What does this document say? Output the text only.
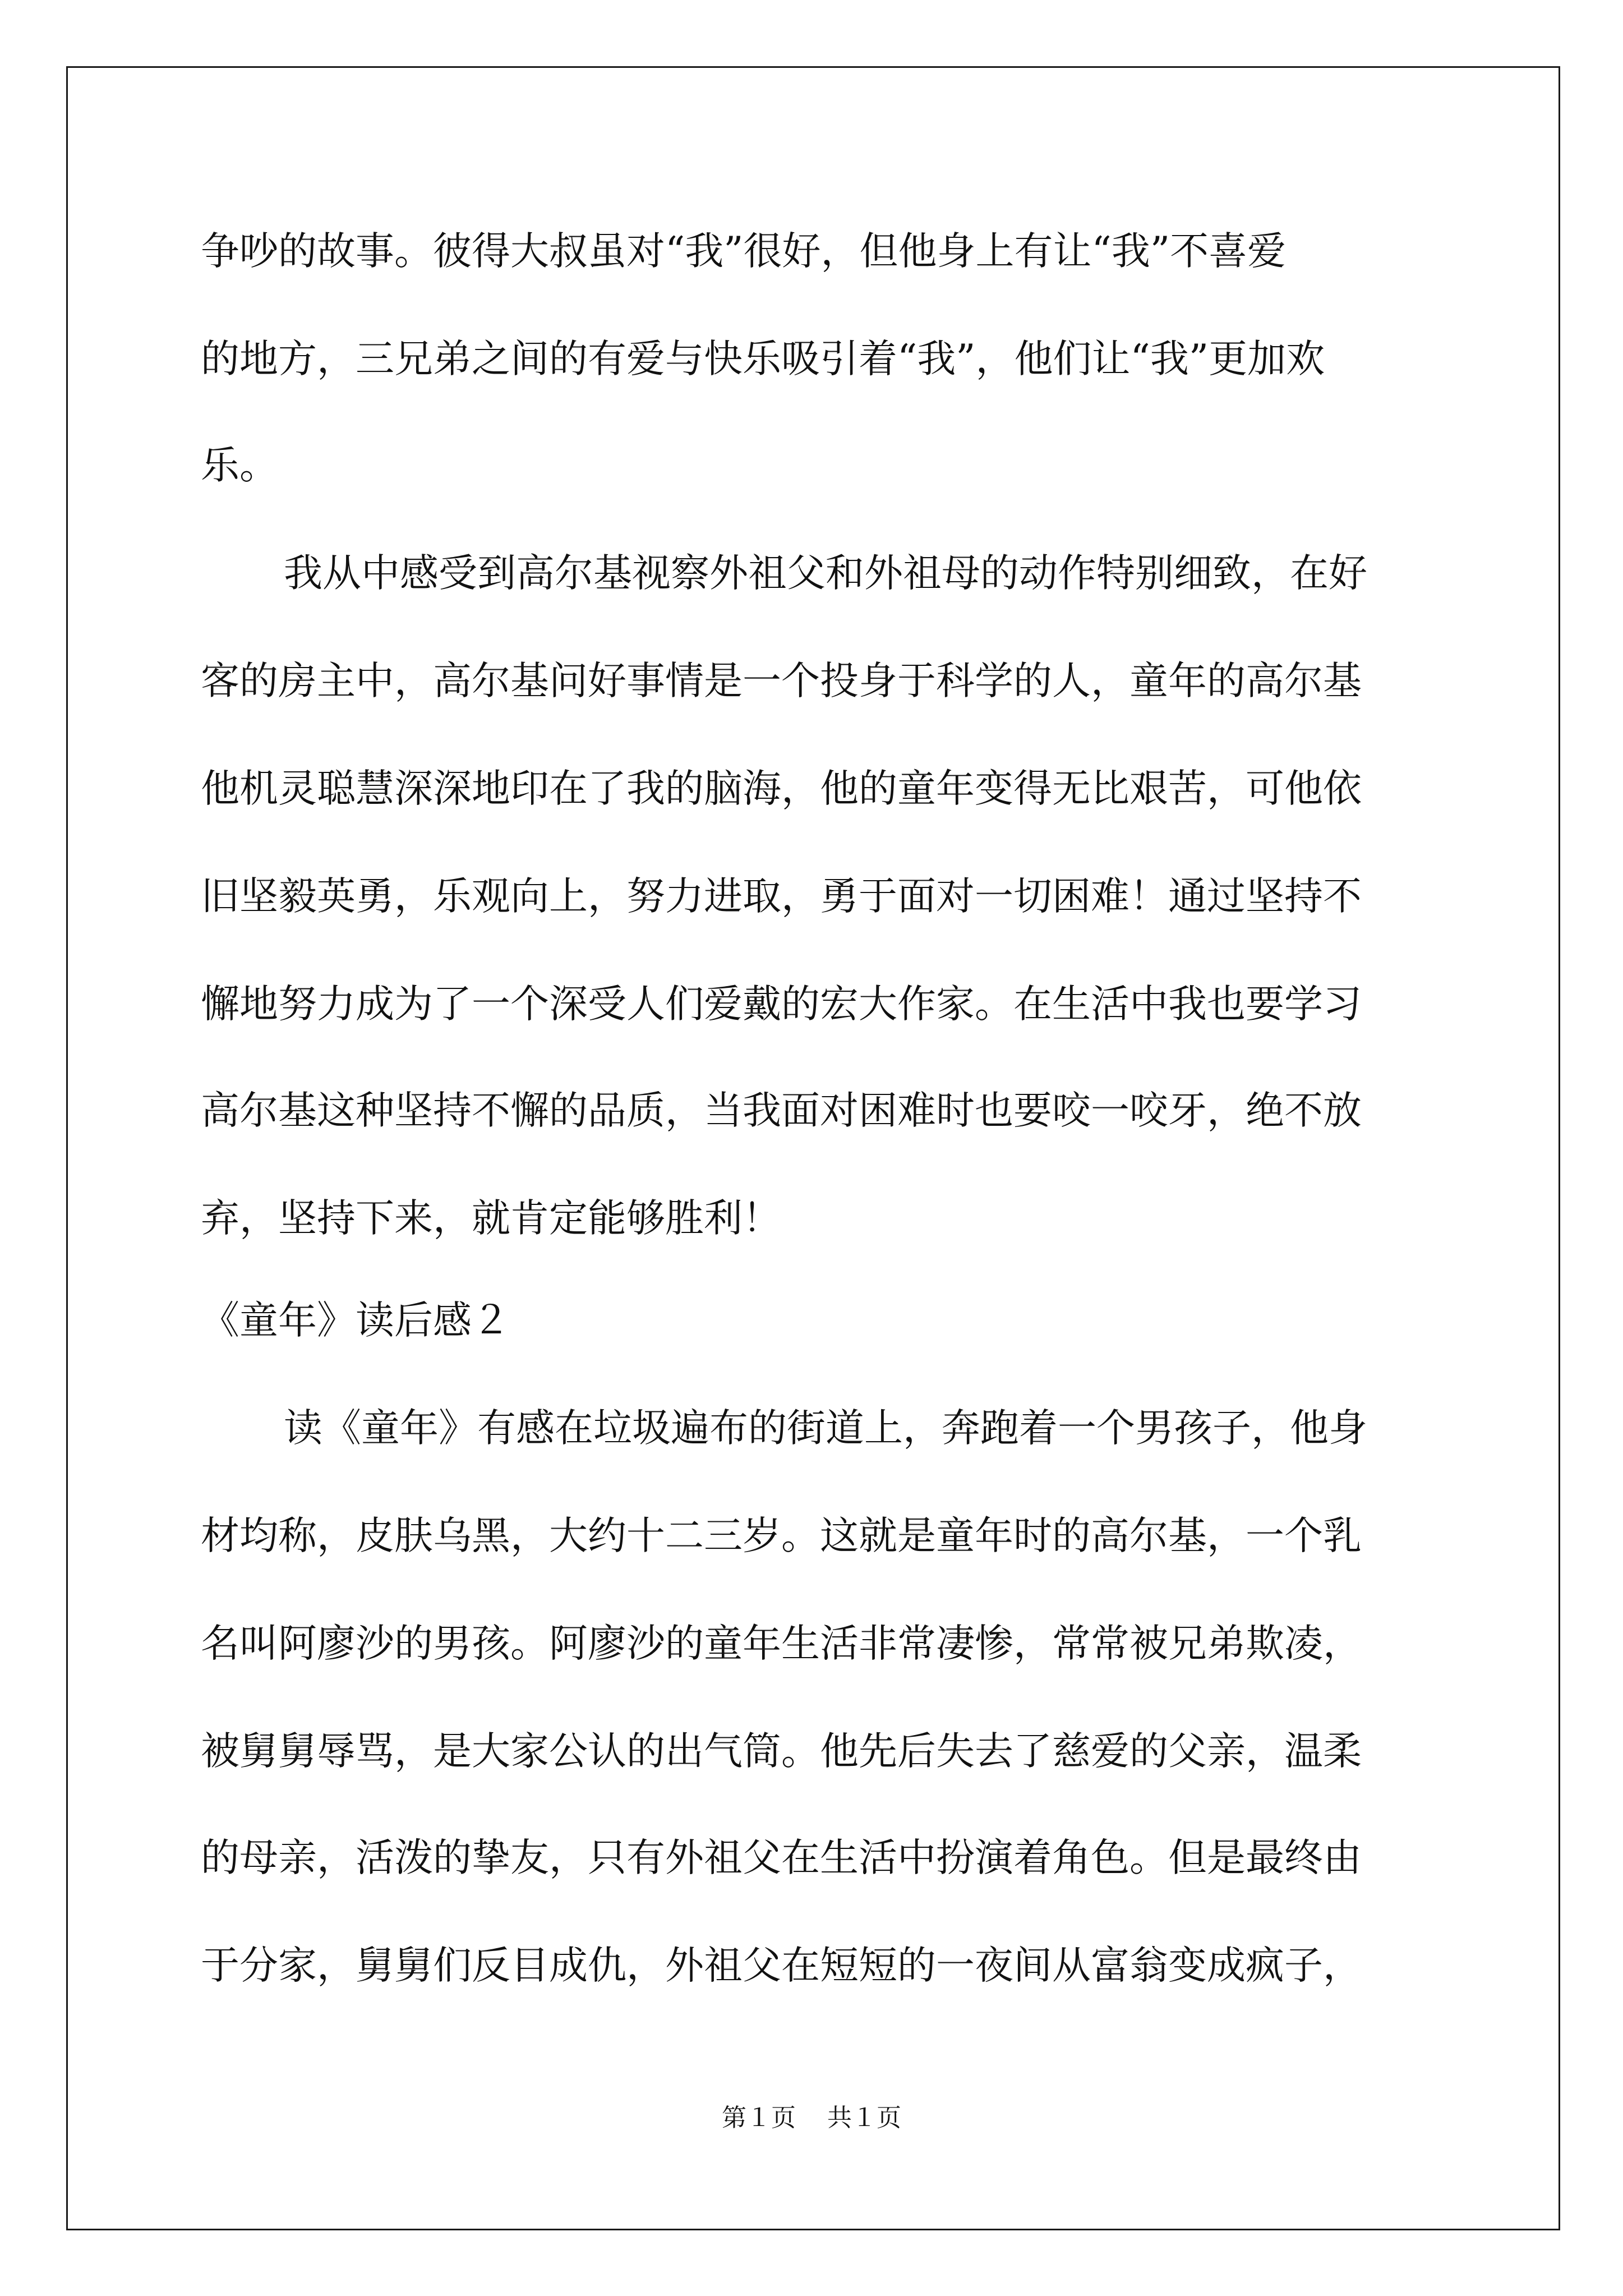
争吵的故事。彼得大叔虽对“我”很好，但他身上有让“我”不喜爱
的地方，三兄弟之间的有爱与快乐吸引着“我”，他们让“我”更加欢
乐。
我从中感受到高尔基视察外祖父和外祖母的动作特别细致，在好
客的房主中，高尔基问好事情是一个投身于科学的人，童年的高尔基
他机灵聪慧深深地印在了我的脑海，他的童年变得无比艰苦，可他依
旧坚毅英勇，乐观向上，努力进取，勇于面对一切困难！通过坚持不
懈地努力成为了一个深受人们爱戴的宏大作家。在生活中我也要学习
高尔基这种坚持不懈的品质，当我面对困难时也要咬一咬牙，绝不放
弃，坚持下来，就肯定能够胜利！
《童年》读后感２
读《童年》有感在垃圾遍布的街道上，奔跑着一个男孩子，他身
材均称，皮肤乌黑，大约十二三岁。这就是童年时的高尔基，一个乳
名叫阿廖沙的男孩。阿廖沙的童年生活非常凄惨，常常被兄弟欺凌，
被舅舅辱骂，是大家公认的出气筒。他先后失去了慈爱的父亲，温柔
的母亲，活泼的挚友，只有外祖父在生活中扮演着角色。但是最终由
于分家，舅舅们反目成仇，外祖父在短短的一夜间从富翁变成疯子，
第１页 共１页
